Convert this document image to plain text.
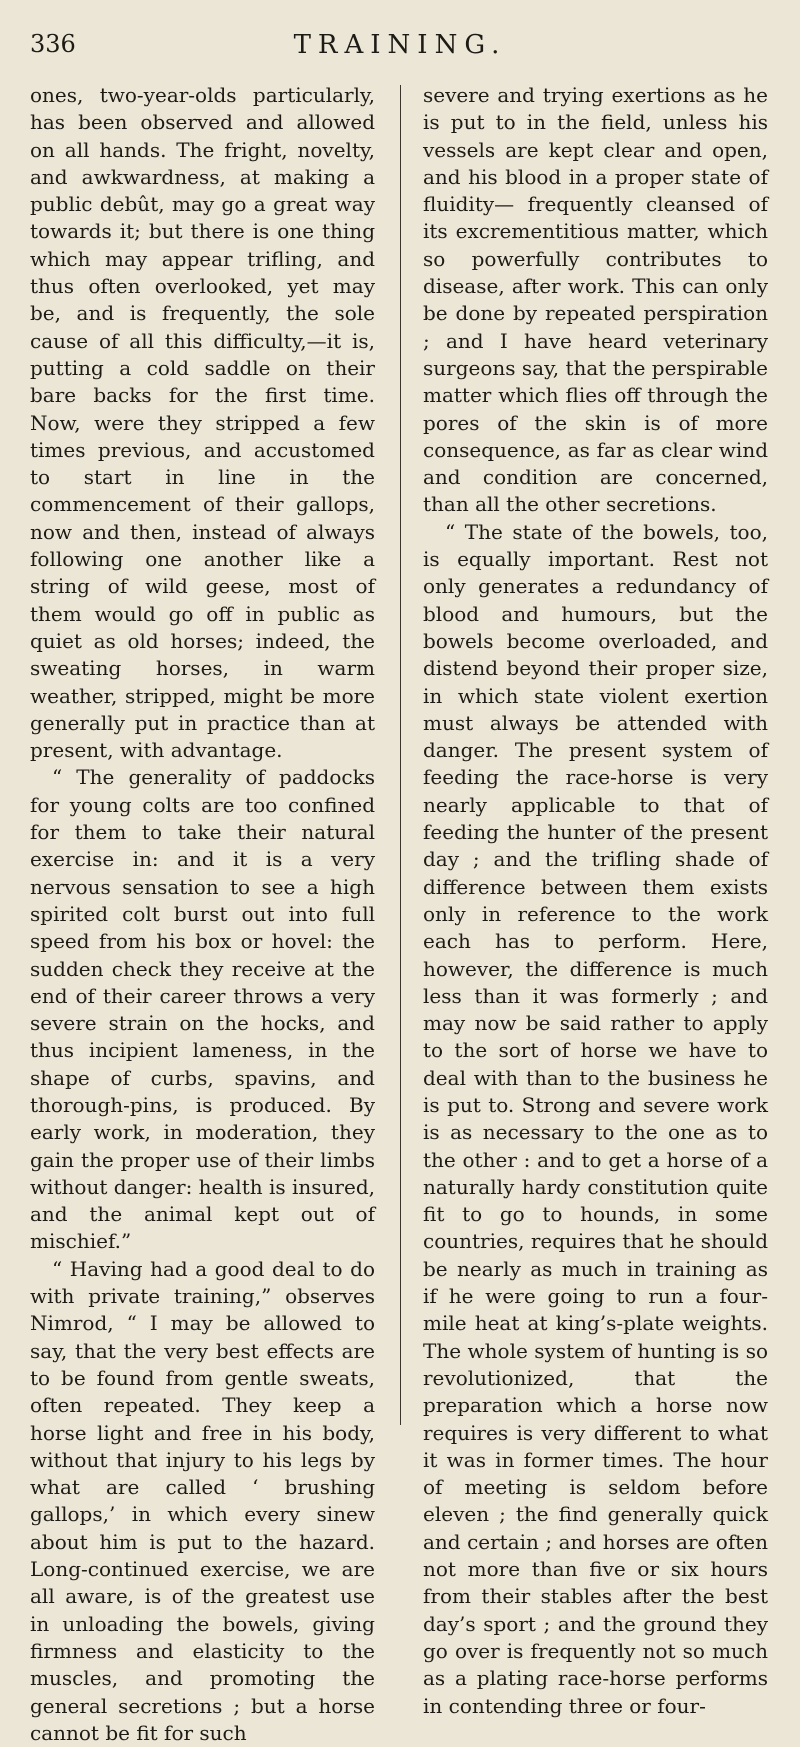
336	TRAINING.

ones, two-year-olds particularly, has been observed and allowed on all hands. The fright, novelty, and awkwardness, at making a public debût, may go a great way towards it; but there is one thing which may appear trifling, and thus often overlooked, yet may be, and is frequently, the sole cause of all this difficulty,—it is, putting a cold saddle on their bare backs for the first time. Now, were they stripped a few times previous, and accustomed to start in line in the commencement of their gallops, now and then, instead of always following one another like a string of wild geese, most of them would go off in public as quiet as old horses; indeed, the sweating horses, in warm weather, stripped, might be more generally put in practice than at present, with advantage.

“ The generality of paddocks for young colts are too confined for them to take their natural exercise in: and it is a very nervous sensation to see a high spirited colt burst out into full speed from his box or hovel: the sudden check they receive at the end of their career throws a very severe strain on the hocks, and thus incipient lameness, in the shape of curbs, spavins, and thorough-pins, is produced. By early work, in moderation, they gain the proper use of their limbs without danger: health is insured, and the animal kept out of mischief.”

“ Having had a good deal to do with private training,” observes Nimrod, “ I may be allowed to say, that the very best effects are to be found from gentle sweats, often repeated. They keep a horse light and free in his body, without that injury to his legs by what are called ‘ brushing gallops,’ in which every sinew about him is put to the hazard. Long-continued exercise, we are all aware, is of the greatest use in unloading the bowels, giving firmness and elasticity to the muscles, and promoting the general secretions ; but a horse cannot be fit for such

severe and trying exertions as he is put to in the field, unless his vessels are kept clear and open, and his blood in a proper state of fluidity— frequently cleansed of its excrementitious matter, which so powerfully contributes to disease, after work. This can only be done by repeated perspiration ; and I have heard veterinary surgeons say, that the perspirable matter which flies off through the pores of the skin is of more consequence, as far as clear wind and condition are concerned, than all the other secretions.

“ The state of the bowels, too, is equally important. Rest not only generates a redundancy of blood and humours, but the bowels become overloaded, and distend beyond their proper size, in which state violent exertion must always be attended with danger. The present system of feeding the race-horse is very nearly applicable to that of feeding the hunter of the present day ; and the trifling shade of difference between them exists only in reference to the work each has to perform. Here, however, the difference is much less than it was formerly ; and may now be said rather to apply to the sort of horse we have to deal with than to the business he is put to. Strong and severe work is as necessary to the one as to the other : and to get a horse of a naturally hardy constitution quite fit to go to hounds, in some countries, requires that he should be nearly as much in training as if he were going to run a four-mile heat at king’s-plate weights. The whole system of hunting is so revolutionized, that the preparation which a horse now requires is very different to what it was in former times. The hour of meeting is seldom before eleven ; the find generally quick and certain ; and horses are often not more than five or six hours from their stables after the best day’s sport ; and the ground they go over is frequently not so much as a plating race-horse performs in contending three or four-
